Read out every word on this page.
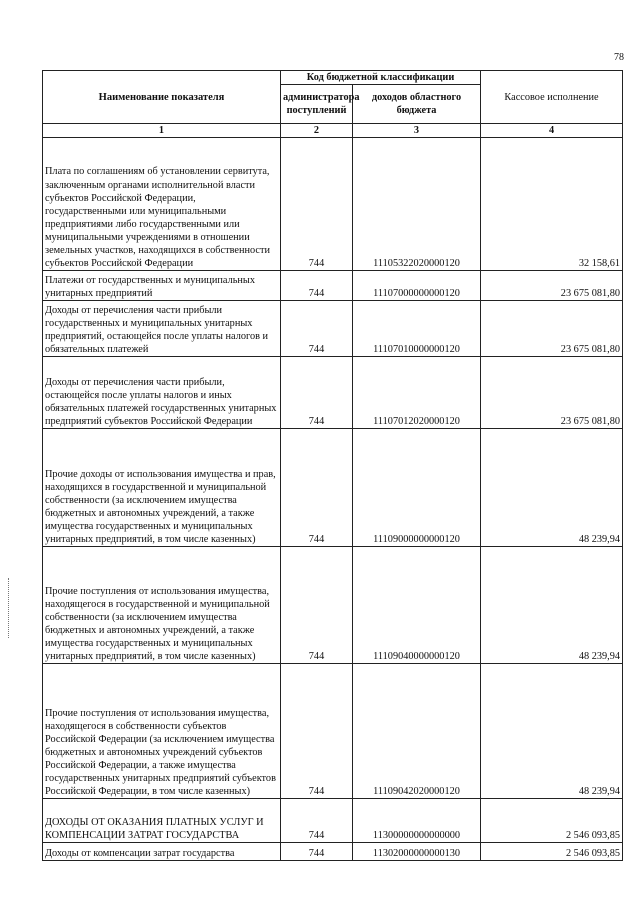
78
Наименование показателя	Код бюджетной классификации		Кассовое исполнение
	администратора поступлений	доходов областного бюджета	
1	2	3	4
Плата по соглашениям об установлении сервитута, заключенным органами исполнительной власти субъектов Российской Федерации, государственными или муниципальными предприятиями либо государственными или муниципальными учреждениями в отношении земельных участков, находящихся в собственности субъектов Российской Федерации	744	11105322020000120	32 158,61
Платежи от государственных и муниципальных унитарных предприятий	744	11107000000000120	23 675 081,80
Доходы от перечисления части прибыли государственных и муниципальных унитарных предприятий, остающейся после уплаты налогов и обязательных платежей	744	11107010000000120	23 675 081,80
Доходы от перечисления части прибыли, остающейся после уплаты налогов и иных обязательных платежей государственных унитарных предприятий субъектов Российской Федерации	744	11107012020000120	23 675 081,80
Прочие доходы от использования имущества и прав, находящихся в государственной и муниципальной собственности (за исключением имущества бюджетных и автономных учреждений, а также имущества государственных и муниципальных унитарных предприятий, в том числе казенных)	744	11109000000000120	48 239,94
Прочие поступления от использования имущества, находящегося в государственной и муниципальной собственности (за исключением имущества бюджетных и автономных учреждений, а также имущества государственных и муниципальных унитарных предприятий, в том числе казенных)	744	11109040000000120	48 239,94
Прочие поступления от использования имущества, находящегося в собственности субъектов Российской Федерации (за исключением имущества бюджетных и автономных учреждений субъектов Российской Федерации, а также имущества государственных унитарных предприятий субъектов Российской Федерации, в том числе казенных)	744	11109042020000120	48 239,94
ДОХОДЫ ОТ ОКАЗАНИЯ ПЛАТНЫХ УСЛУГ И КОМПЕНСАЦИИ ЗАТРАТ ГОСУДАРСТВА	744	11300000000000000	2 546 093,85
Доходы от компенсации затрат государства	744	11302000000000130	2 546 093,85
